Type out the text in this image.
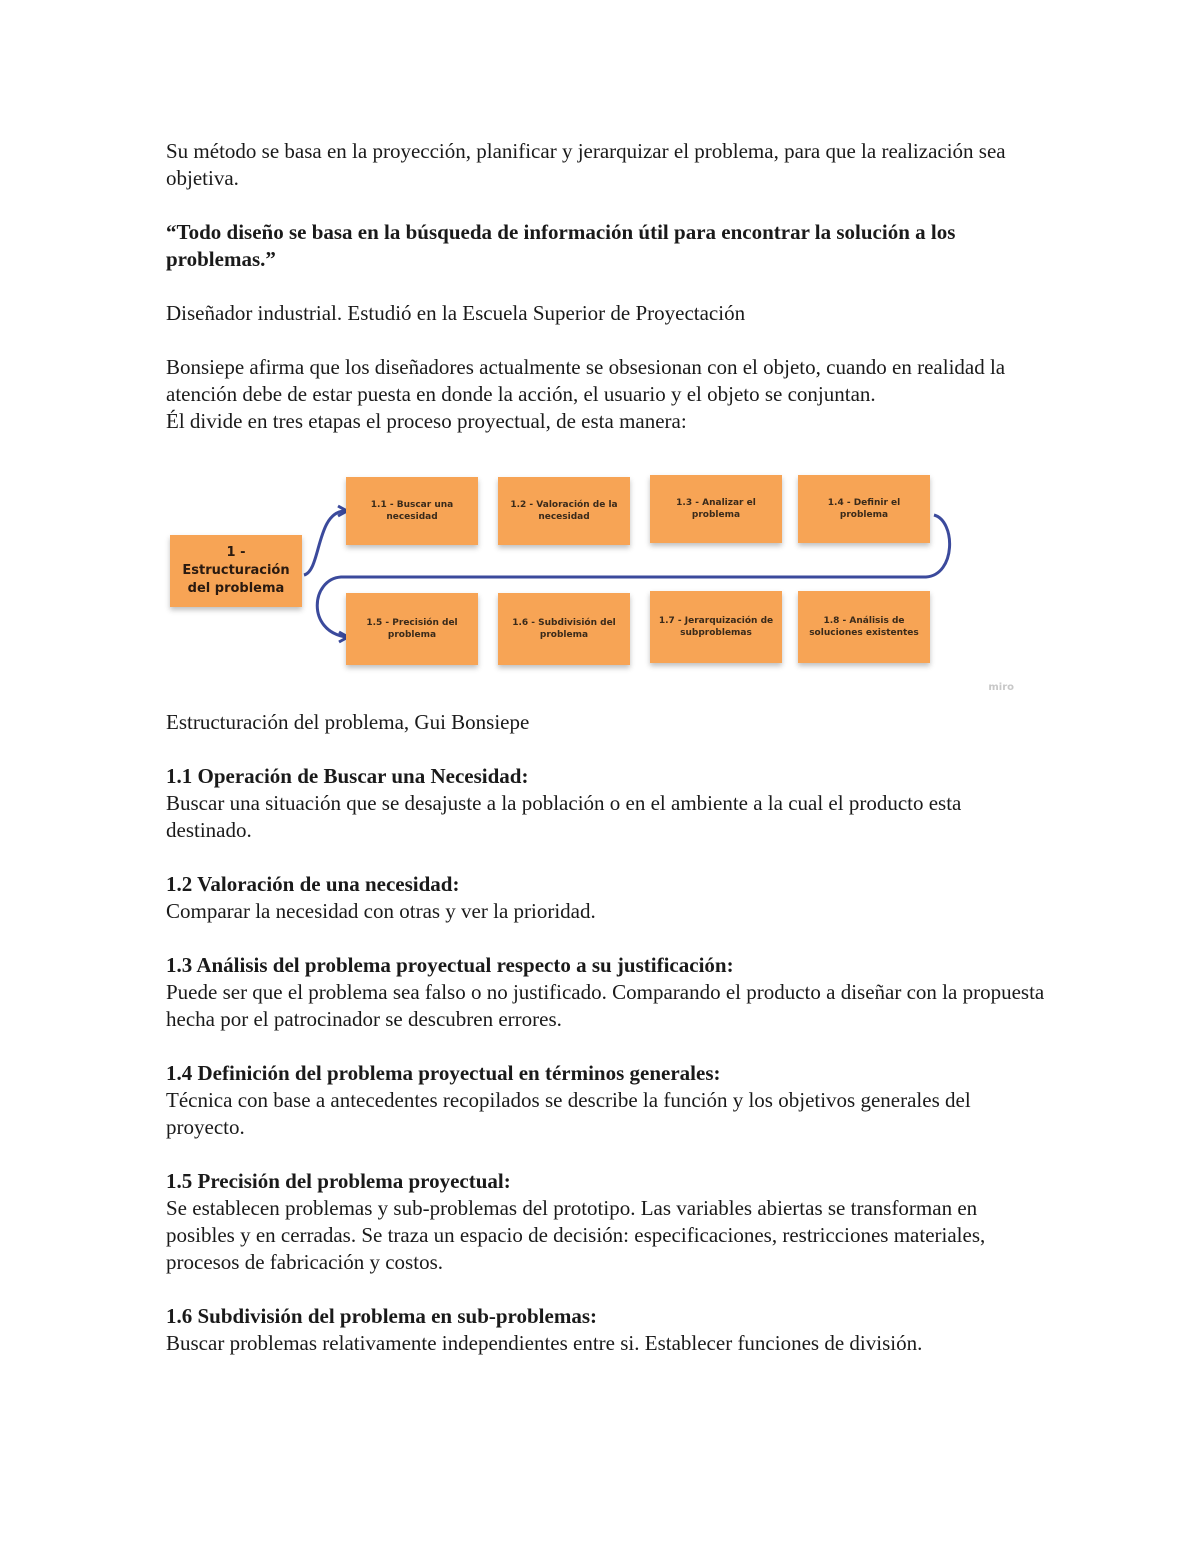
Su método se basa en la proyección, planificar y jerarquizar el problema, para que la realización sea objetiva.

“Todo diseño se basa en la búsqueda de información útil para encontrar la solución a los problemas.”

Diseñador industrial. Estudió en la Escuela Superior de Proyectación

Bonsiepe afirma que los diseñadores actualmente se obsesionan con el objeto, cuando en realidad la atención debe de estar puesta en donde la acción, el usuario y el objeto se conjuntan.

Él divide en tres etapas el proceso proyectual, de esta manera:

1 - Estructuración del problema
1.1 - Buscar una necesidad
1.2 - Valoración de la necesidad
1.3 - Analizar el problema
1.4 - Definir el problema
1.5 - Precisión del problema
1.6 - Subdivisión del problema
1.7 - Jerarquización de subproblemas
1.8 - Análisis de soluciones existentes
miro

Estructuración del problema, Gui Bonsiepe

1.1 Operación de Buscar una Necesidad:

Buscar una situación que se desajuste a la población o en el ambiente a la cual el producto esta destinado.

1.2 Valoración de una necesidad:

Comparar la necesidad con otras y ver la prioridad.

1.3 Análisis del problema proyectual respecto a su justificación:

Puede ser que el problema sea falso o no justificado. Comparando el producto a diseñar con la propuesta hecha por el patrocinador se descubren errores.

1.4 Definición del problema proyectual en términos generales:

Técnica con base a antecedentes recopilados se describe la función y los objetivos generales del proyecto.

1.5 Precisión del problema proyectual:

Se establecen problemas y sub-problemas del prototipo. Las variables abiertas se transforman en posibles y en cerradas. Se traza un espacio de decisión: especificaciones, restricciones materiales, procesos de fabricación y costos.

1.6 Subdivisión del problema en sub-problemas:

Buscar problemas relativamente independientes entre si. Establecer funciones de división.
